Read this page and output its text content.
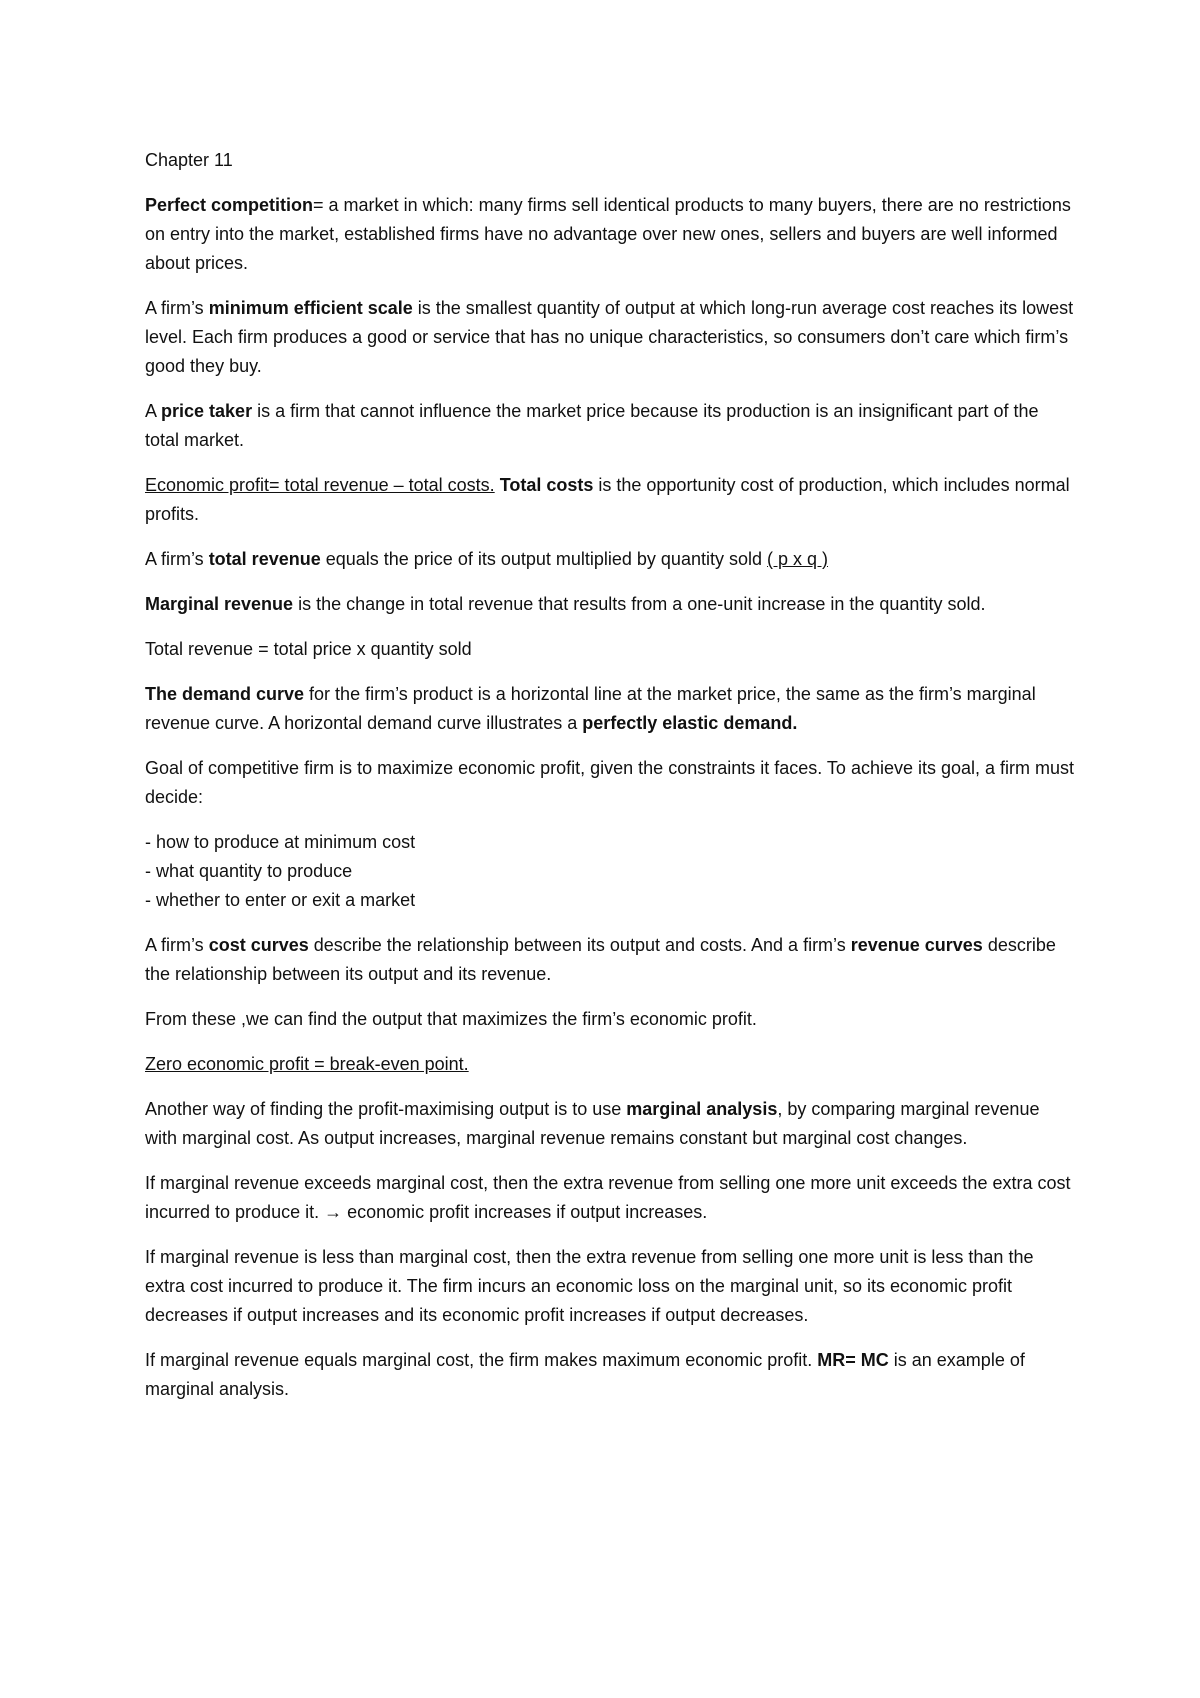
Chapter 11

Perfect competition= a market in which: many firms sell identical products to many buyers, there are no restrictions on entry into the market, established firms have no advantage over new ones, sellers and buyers are well informed about prices.

A firm’s minimum efficient scale is the smallest quantity of output at which long-run average cost reaches its lowest level. Each firm produces a good or service that has no unique characteristics, so consumers don’t care which firm’s good they buy.

A price taker is a firm that cannot influence the market price because its production is an insignificant part of the total market.

Economic profit= total revenue – total costs. Total costs is the opportunity cost of production, which includes normal profits.

A firm’s total revenue equals the price of its output multiplied by quantity sold ( p x q )

Marginal revenue is the change in total revenue that results from a one-unit increase in the quantity sold.

Total revenue = total price x quantity sold

The demand curve for the firm’s product is a horizontal line at the market price, the same as the firm’s marginal revenue curve. A horizontal demand curve illustrates a perfectly elastic demand.

Goal of competitive firm is to maximize economic profit, given the constraints it faces. To achieve its goal, a firm must decide:

- how to produce at minimum cost
- what quantity to produce
- whether to enter or exit a market

A firm’s cost curves describe the relationship between its output and costs. And a firm’s revenue curves describe the relationship between its output and its revenue.

From these ,we can find the output that maximizes the firm’s economic profit.

Zero economic profit = break-even point.

Another way of finding the profit-maximising output is to use marginal analysis, by comparing marginal revenue with marginal cost. As output increases, marginal revenue remains constant but marginal cost changes.

If marginal revenue exceeds marginal cost, then the extra revenue from selling one more unit exceeds the extra cost incurred to produce it. → economic profit increases if output increases.

If marginal revenue is less than marginal cost, then the extra revenue from selling one more unit is less than the extra cost incurred to produce it. The firm incurs an economic loss on the marginal unit, so its economic profit decreases if output increases and its economic profit increases if output decreases.

If marginal revenue equals marginal cost, the firm makes maximum economic profit. MR= MC is an example of marginal analysis.
